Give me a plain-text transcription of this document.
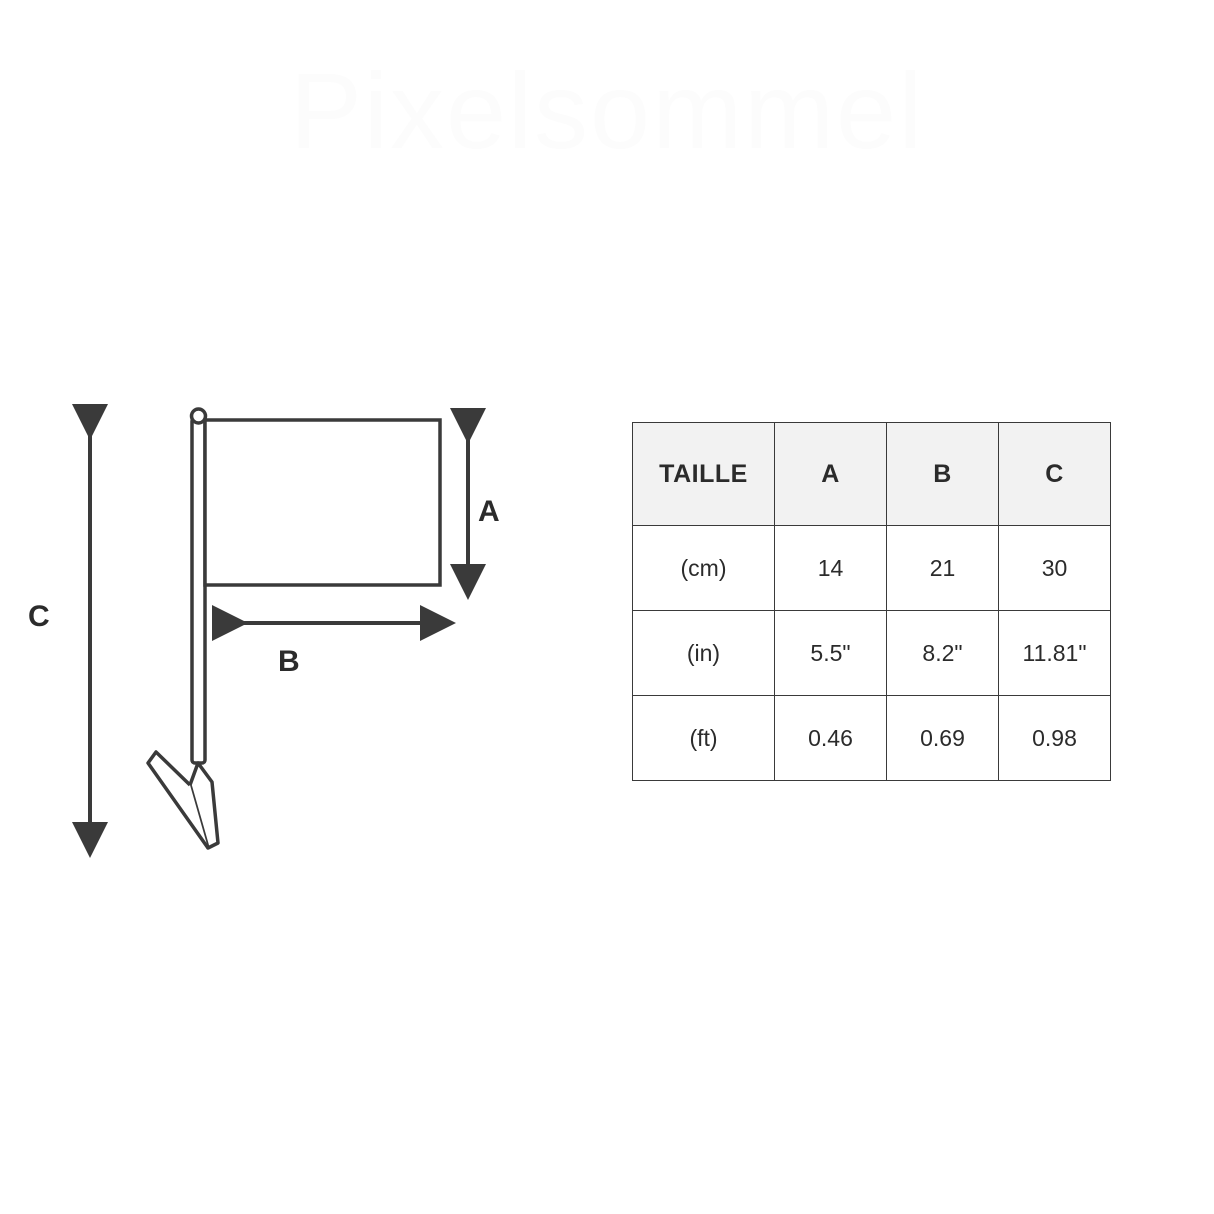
Pixelsommel
A
B
C
TAILLE	A	B	C
(cm)	14	21	30
(in)	5.5"	8.2"	11.81"
(ft)	0.46	0.69	0.98
